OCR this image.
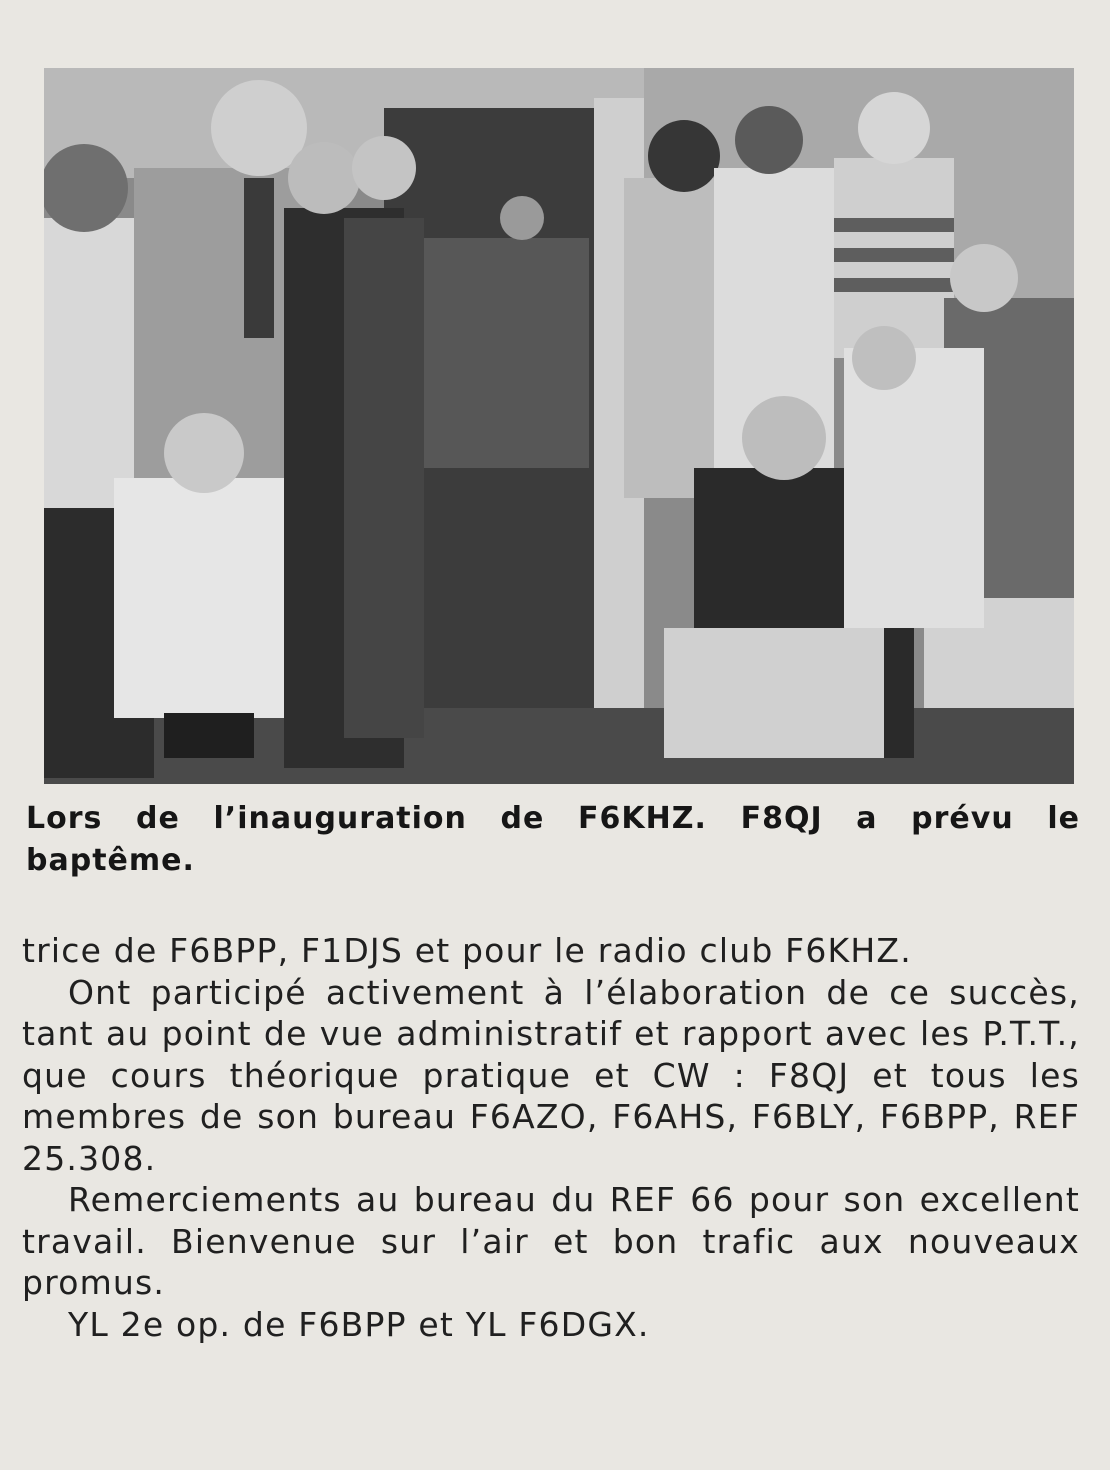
Lors de l’inauguration de F6KHZ. F8QJ a prévu le baptême.

trice de F6BPP, F1DJS et pour le radio club F6KHZ.

Ont participé activement à l’élaboration de ce succès, tant au point de vue administratif et rapport avec les P.T.T., que cours théorique pratique et CW : F8QJ et tous les membres de son bureau F6AZO, F6AHS, F6BLY, F6BPP, REF 25.308.

Remerciements au bureau du REF 66 pour son excellent travail. Bienvenue sur l’air et bon trafic aux nouveaux promus.

YL 2e op. de F6BPP et YL F6DGX.
